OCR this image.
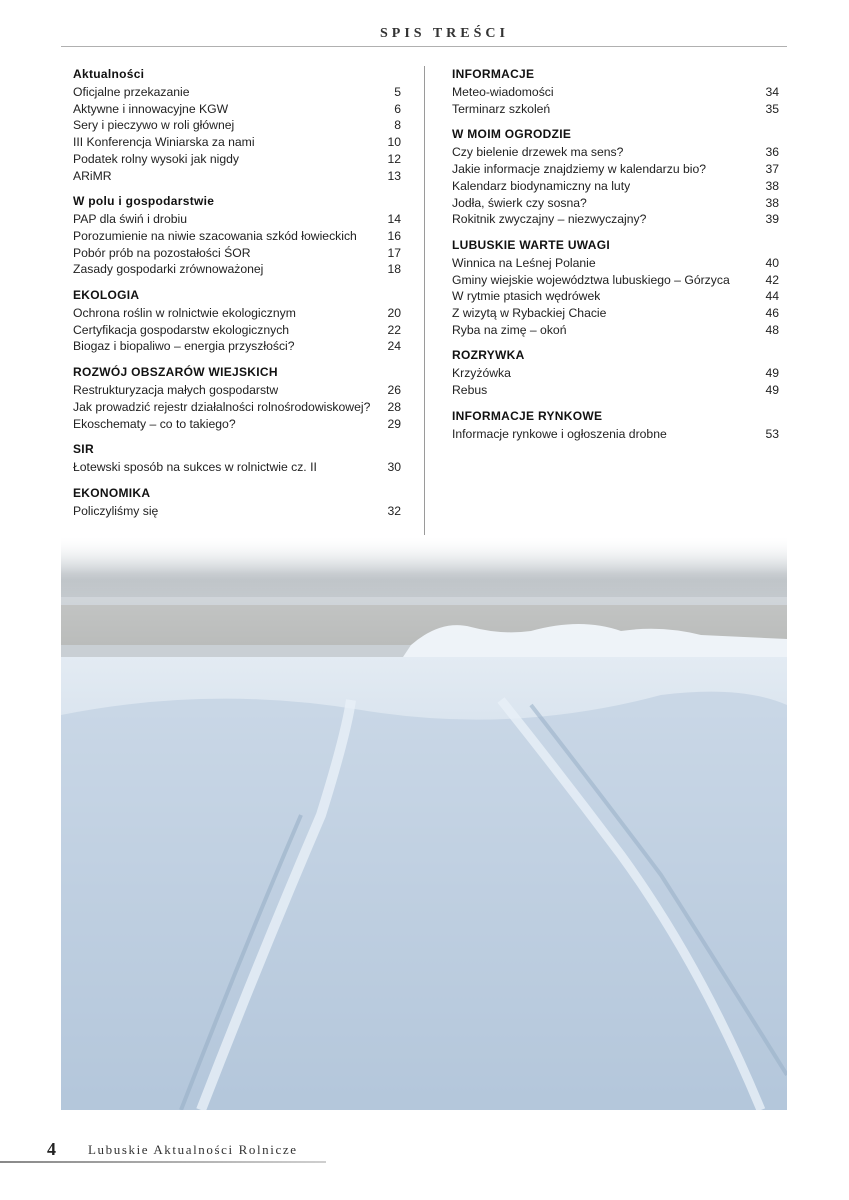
SPIS TREŚCI
Aktualności
Oficjalne przekazanie	5
Aktywne i innowacyjne KGW	6
Sery i pieczywo w roli głównej	8
III Konferencja Winiarska za nami	10
Podatek rolny wysoki jak nigdy	12
ARiMR	13
W polu i gospodarstwie
PAP dla świń i drobiu	14
Porozumienie na niwie szacowania szkód łowieckich	16
Pobór prób na pozostałości ŚOR	17
Zasady gospodarki zrównoważonej	18
EKOLOGIA
Ochrona roślin w rolnictwie ekologicznym	20
Certyfikacja gospodarstw ekologicznych	22
Biogaz i biopaliwo – energia przyszłości?	24
ROZWÓJ OBSZARÓW WIEJSKICH
Restrukturyzacja małych gospodarstw	26
Jak prowadzić rejestr działalności rolnośrodowiskowej?	28
Ekoschematy – co to takiego?	29
SIR
Łotewski sposób na sukces w rolnictwie cz. II	30
EKONOMIKA
Policzyliśmy się	32
INFORMACJE
Meteo-wiadomości	34
Terminarz szkoleń	35
W MOIM OGRODZIE
Czy bielenie drzewek ma sens?	36
Jakie informacje znajdziemy w kalendarzu bio?	37
Kalendarz biodynamiczny na luty	38
Jodła, świerk czy sosna?	38
Rokitnik zwyczajny – niezwyczajny?	39
LUBUSKIE WARTE UWAGI
Winnica na Leśnej Polanie	40
Gminy wiejskie województwa lubuskiego – Górzyca	42
W rytmie ptasich wędrówek	44
Z wizytą w Rybackiej Chacie	46
Ryba na zimę – okoń	48
ROZRYWKA
Krzyżówka	49
Rebus	49
INFORMACJE RYNKOWE
Informacje rynkowe i ogłoszenia drobne	53
4 Lubuskie Aktualności Rolnicze
